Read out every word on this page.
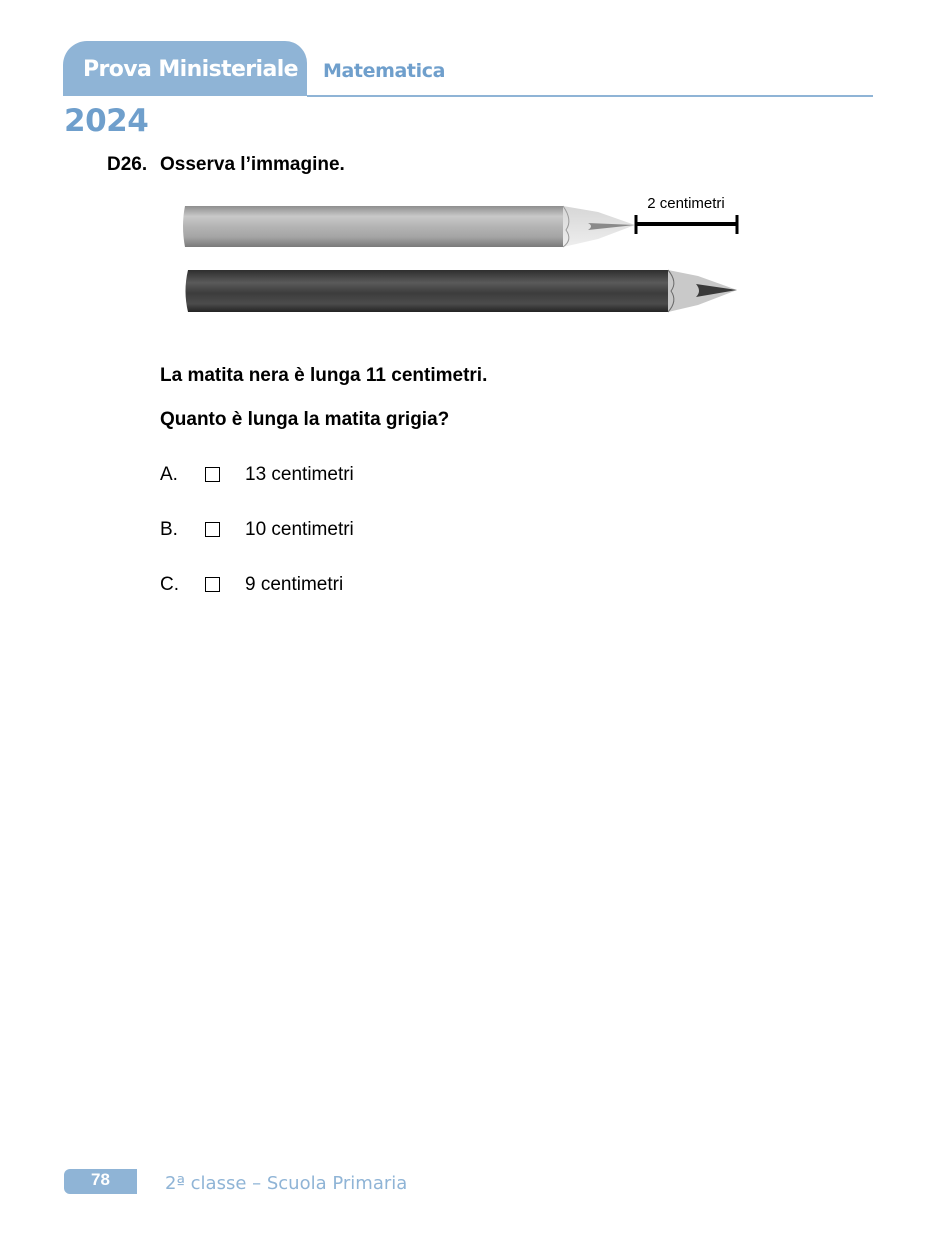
Prova Ministeriale Matematica
2024
D26. Osserva l’immagine.
2 centimetri
La matita nera è lunga 11 centimetri.
Quanto è lunga la matita grigia?
A.	13 centimetri
B.	10 centimetri
C.	9 centimetri
78	2ª classe – Scuola Primaria
